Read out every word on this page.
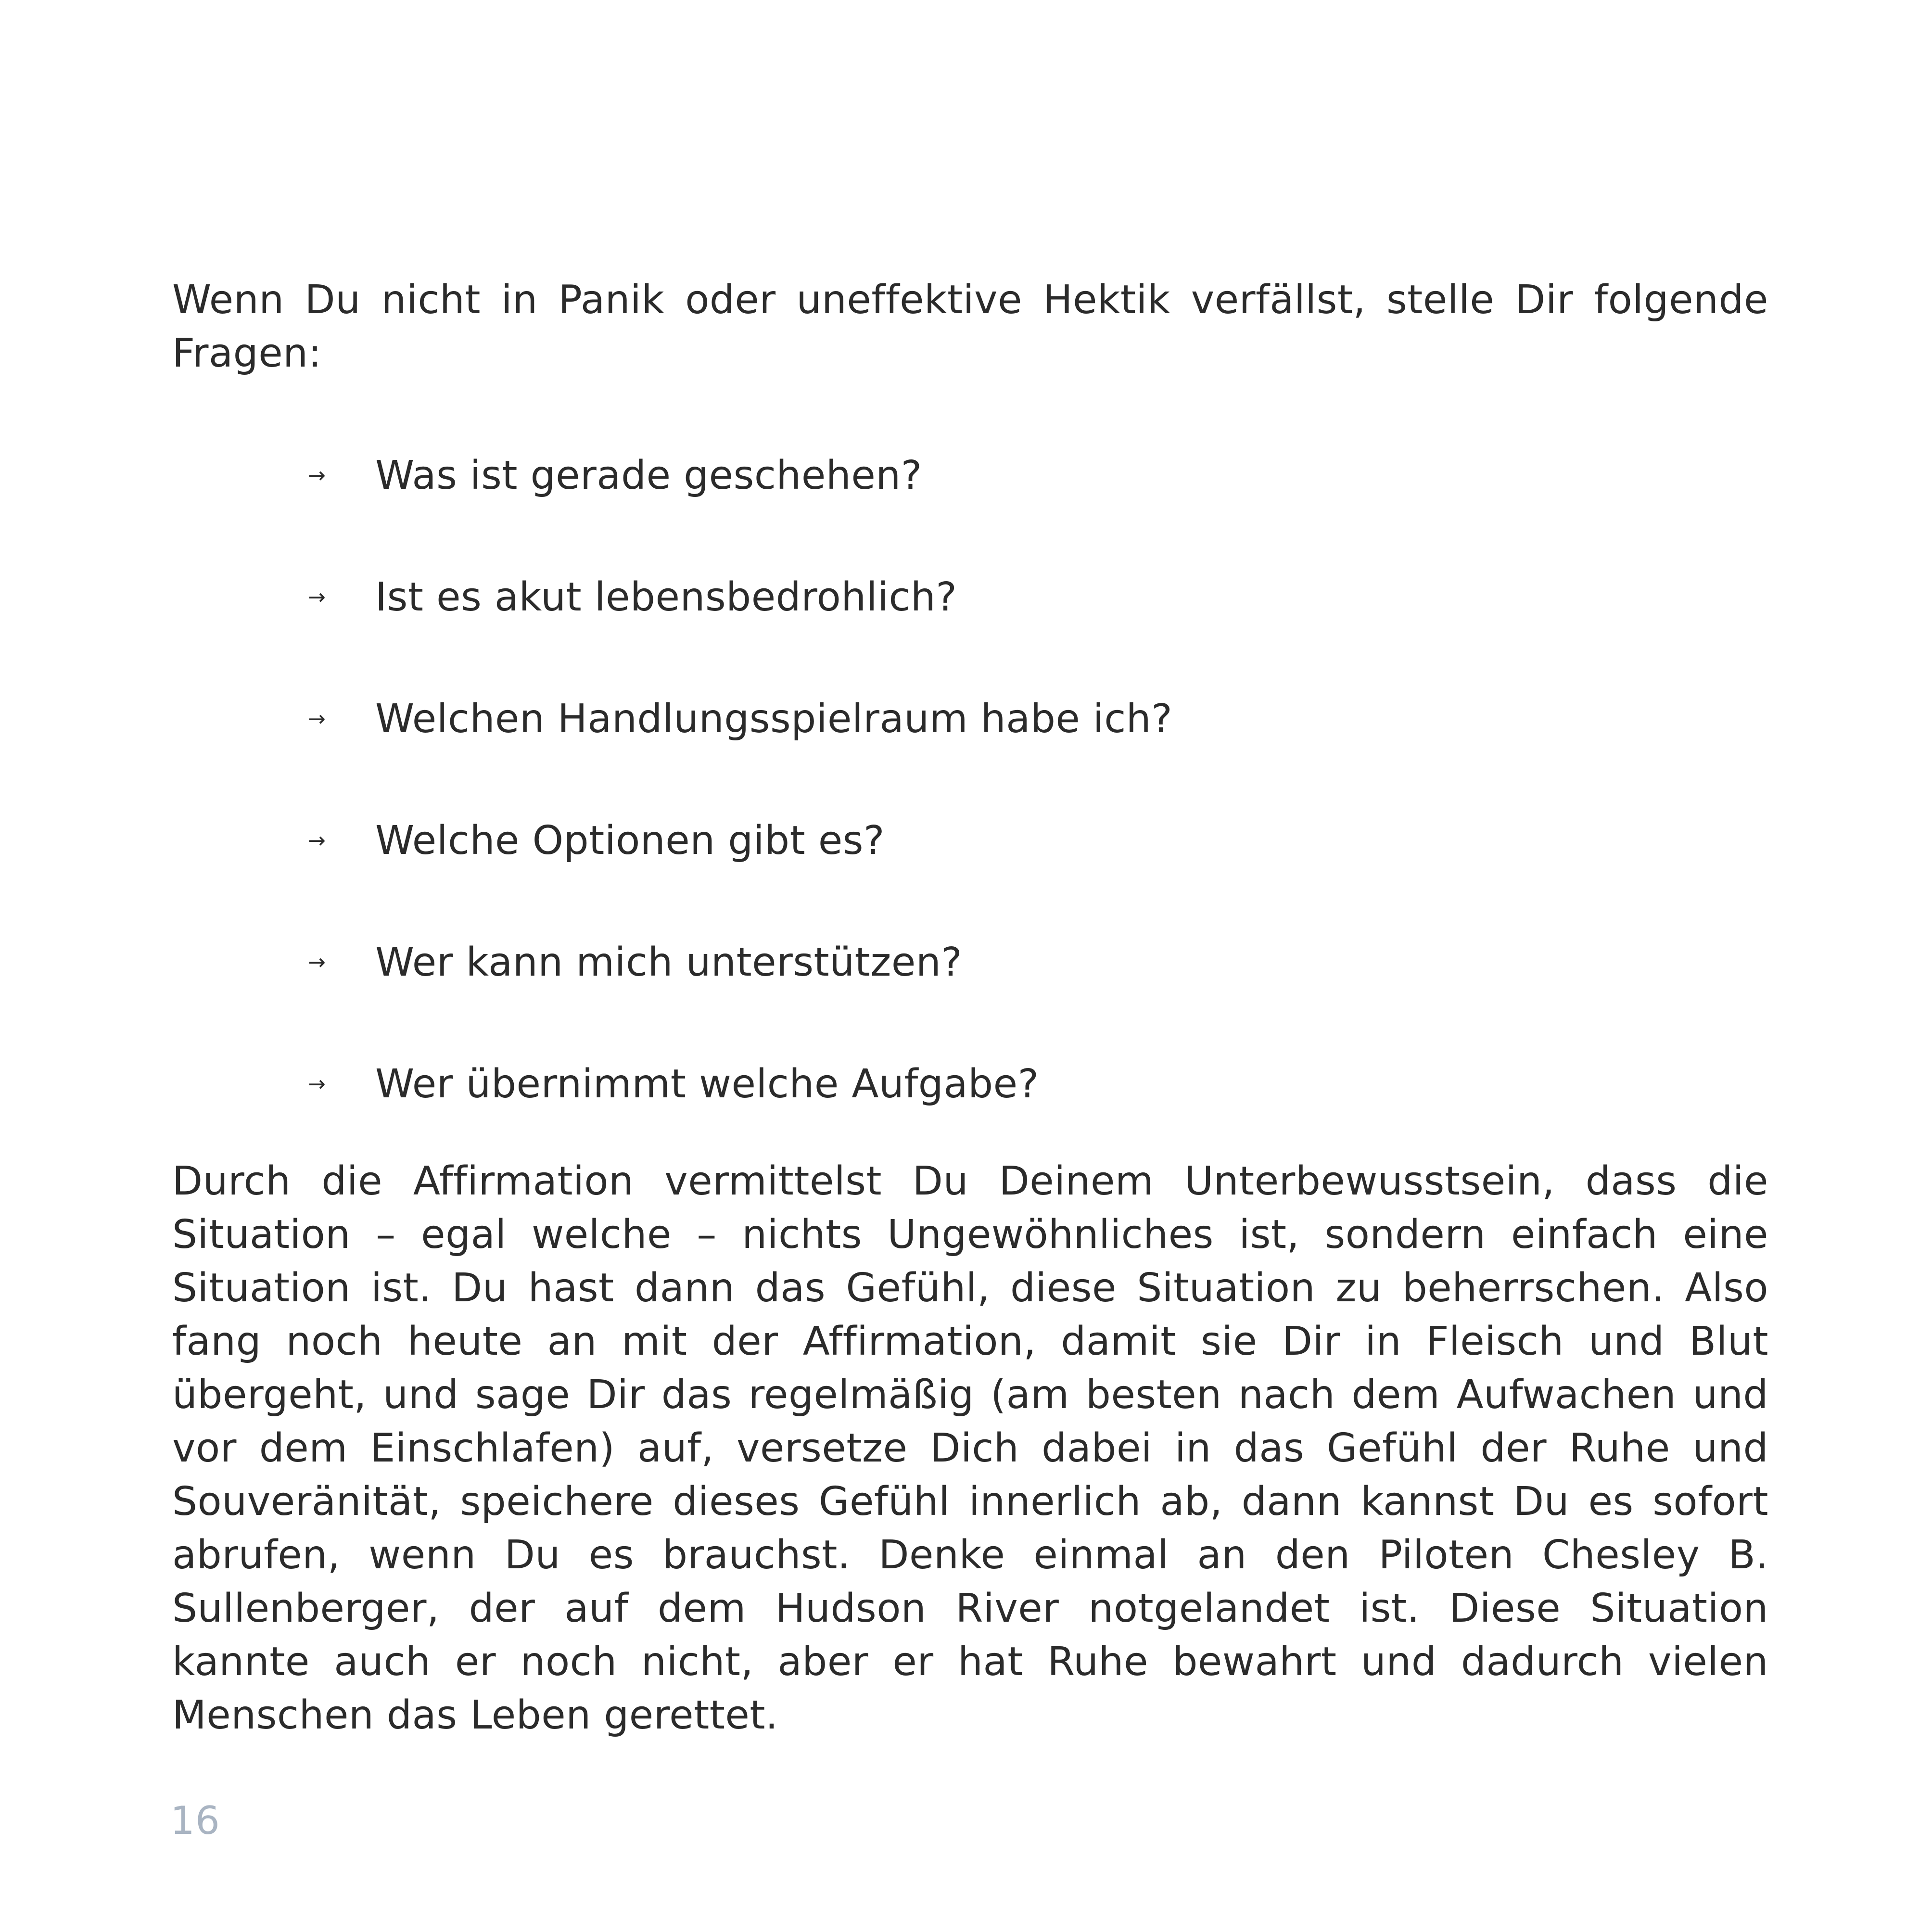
Wenn Du nicht in Panik oder uneffektive Hektik verfällst, stelle Dir folgende Fragen:

→	Was ist gerade geschehen?
→	Ist es akut lebensbedrohlich?
→	Welchen Handlungsspielraum habe ich?
→	Welche Optionen gibt es?
→	Wer kann mich unterstützen?
→	Wer übernimmt welche Aufgabe?

Durch die Affirmation vermittelst Du Deinem Unterbewusstsein, dass die Situation – egal welche – nichts Ungewöhnliches ist, sondern einfach eine Situation ist. Du hast dann das Gefühl, diese Situation zu beherrschen. Also fang noch heute an mit der Affirmation, damit sie Dir in Fleisch und Blut übergeht, und sage Dir das regelmäßig (am besten nach dem Aufwachen und vor dem Einschlafen) auf, versetze Dich dabei in das Gefühl der Ruhe und Souveränität, speichere dieses Gefühl innerlich ab, dann kannst Du es sofort abrufen, wenn Du es brauchst. Denke einmal an den Piloten Chesley B. Sullenberger, der auf dem Hudson River notgelandet ist. Diese Situation kannte auch er noch nicht, aber er hat Ruhe bewahrt und dadurch vielen Menschen das Leben gerettet.

16
